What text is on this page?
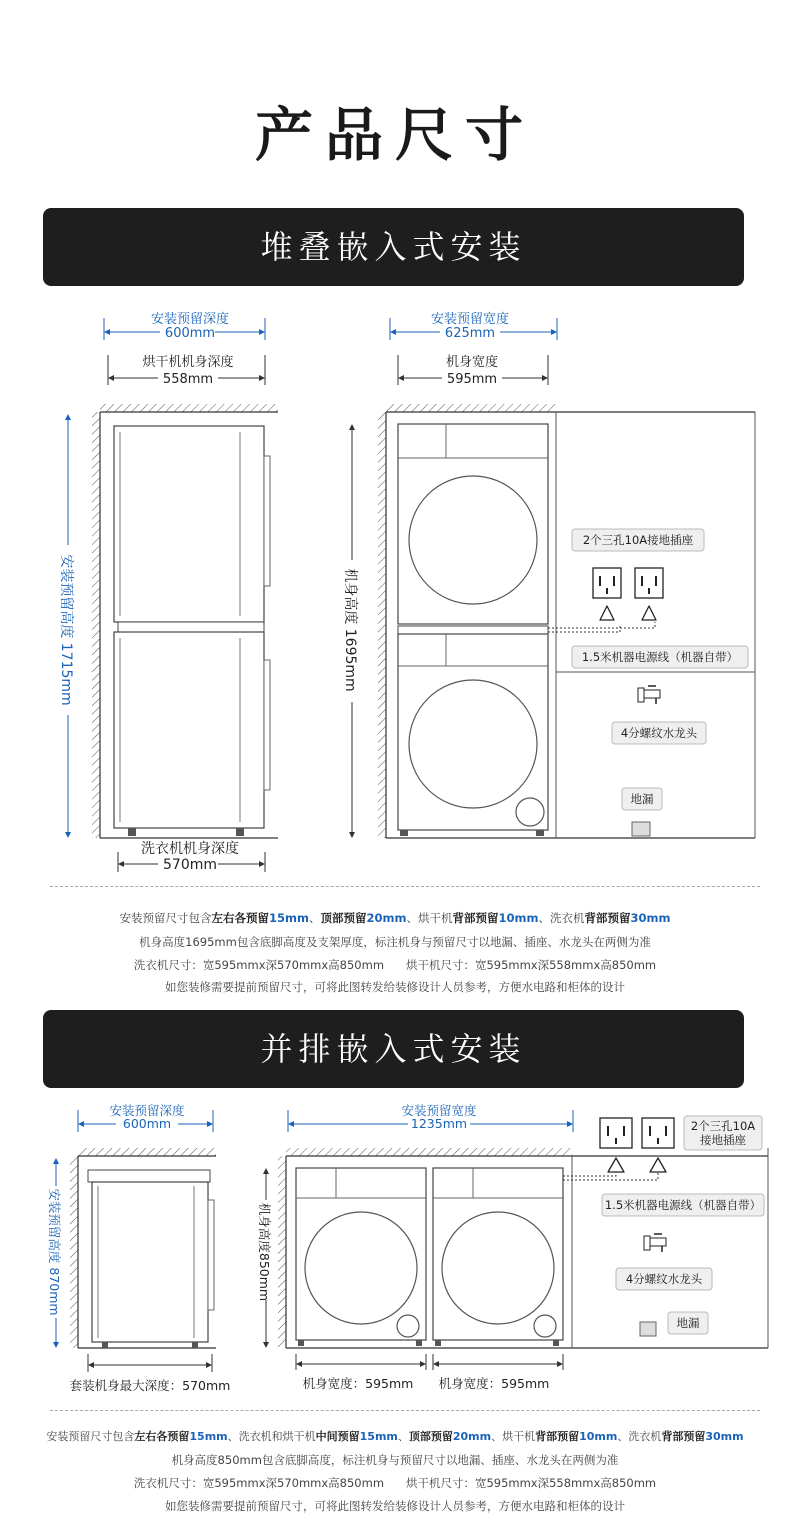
产品尺寸
堆叠嵌入式安装
安装预留深度
600mm
烘干机机身深度
558mm
安装预留高度 1715mm
洗衣机机身深度
570mm
安装预留宽度
625mm
机身宽度
595mm
机身高度 1695mm
2个三孔10A接地插座
1.5米机器电源线（机器自带）
4分螺纹水龙头
地漏
安装预留尺寸包含左右各预留15mm、顶部预留20mm、烘干机背部预留10mm、洗衣机背部预留30mm
机身高度1695mm包含底脚高度及支架厚度，标注机身与预留尺寸以地漏、插座、水龙头在两侧为准
洗衣机尺寸：宽595mmx深570mmx高850mm      烘干机尺寸：宽595mmx深558mmx高850mm
如您装修需要提前预留尺寸，可将此图转发给装修设计人员参考，方便水电路和柜体的设计
并排嵌入式安装
安装预留深度
600mm
安装预留高度 870mm
套装机身最大深度：570mm
安装预留宽度
1235mm
机身高度850mm
机身宽度：595mm 机身宽度：595mm
2个三孔10A
接地插座
1.5米机器电源线（机器自带）
4分螺纹水龙头
地漏
安装预留尺寸包含左右各预留15mm、洗衣机和烘干机中间预留15mm、顶部预留20mm、烘干机背部预留10mm、洗衣机背部预留30mm
机身高度850mm包含底脚高度，标注机身与预留尺寸以地漏、插座、水龙头在两侧为准
洗衣机尺寸：宽595mmx深570mmx高850mm      烘干机尺寸：宽595mmx深558mmx高850mm
如您装修需要提前预留尺寸，可将此图转发给装修设计人员参考，方便水电路和柜体的设计
